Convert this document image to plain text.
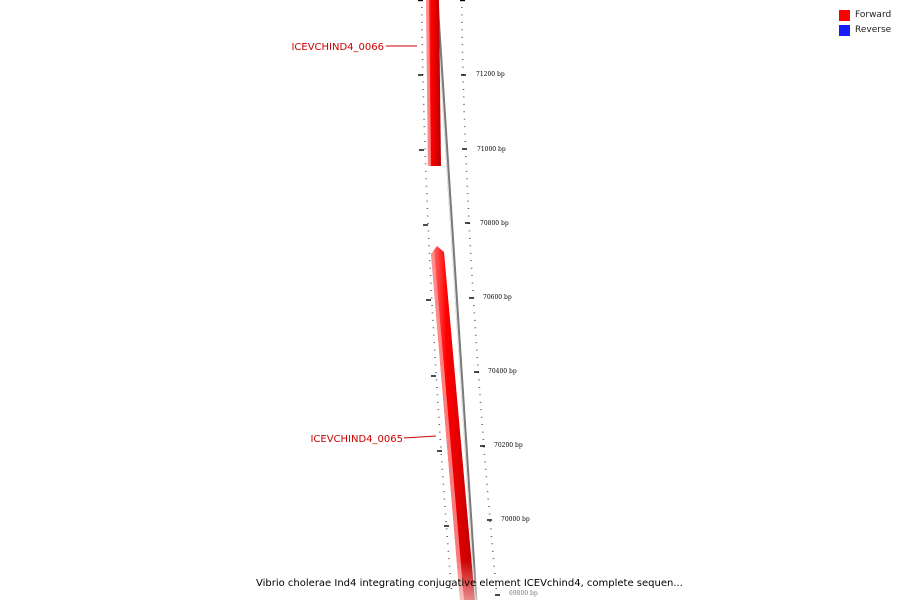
ICEVCHIND4_0066
ICEVCHIND4_0065
71200 bp
71000 bp
70800 bp
70600 bp
70400 bp
70200 bp
70000 bp
69800 bp
Forward
Reverse
Vibrio cholerae Ind4 integrating conjugative element ICEVchind4, complete sequen...
